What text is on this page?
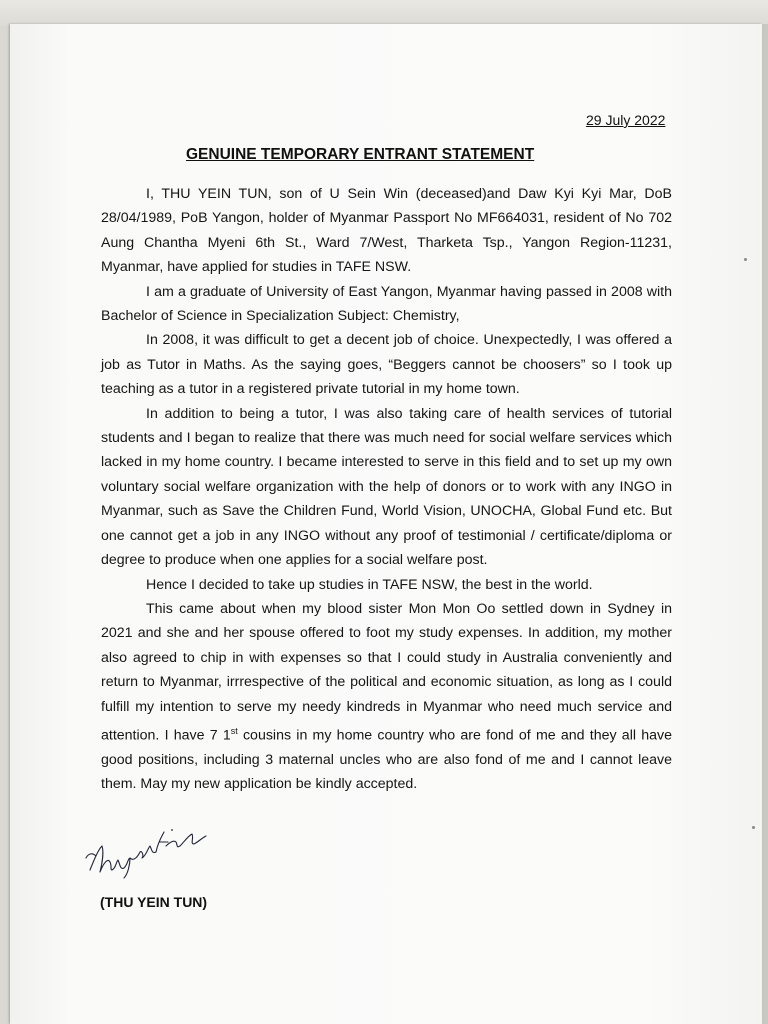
29 July 2022
GENUINE TEMPORARY ENTRANT STATEMENT

I, THU YEIN TUN, son of U Sein Win (deceased)and Daw Kyi Kyi Mar, DoB 28/04/1989, PoB Yangon, holder of Myanmar Passport No MF664031, resident of No 702 Aung Chantha Myeni 6th St., Ward 7/West, Tharketa Tsp., Yangon Region-11231, Myanmar, have applied for studies in TAFE NSW.

I am a graduate of University of East Yangon, Myanmar having passed in 2008 with Bachelor of Science in Specialization Subject: Chemistry,

In 2008, it was difficult to get a decent job of choice. Unexpectedly, I was offered a job as Tutor in Maths. As the saying goes, “Beggers cannot be choosers” so I took up teaching as a tutor in a registered private tutorial in my home town.

In addition to being a tutor, I was also taking care of health services of tutorial students and I began to realize that there was much need for social welfare services which lacked in my home country. I became interested to serve in this field and to set up my own voluntary social welfare organization with the help of donors or to work with any INGO in Myanmar, such as Save the Children Fund, World Vision, UNOCHA, Global Fund etc. But one cannot get a job in any INGO without any proof of testimonial / certificate/diploma or degree to produce when one applies for a social welfare post.

Hence I decided to take up studies in TAFE NSW, the best in the world.

This came about when my blood sister Mon Mon Oo settled down in Sydney in 2021 and she and her spouse offered to foot my study expenses. In addition, my mother also agreed to chip in with expenses so that I could study in Australia conveniently and return to Myanmar, irrrespective of the political and economic situation, as long as I could fulfill my intention to serve my needy kindreds in Myanmar who need much service and attention. I have 7 1st cousins in my home country who are fond of me and they all have good positions, including 3 maternal uncles who are also fond of me and I cannot leave them. May my new application be kindly accepted.

(THU YEIN TUN)
